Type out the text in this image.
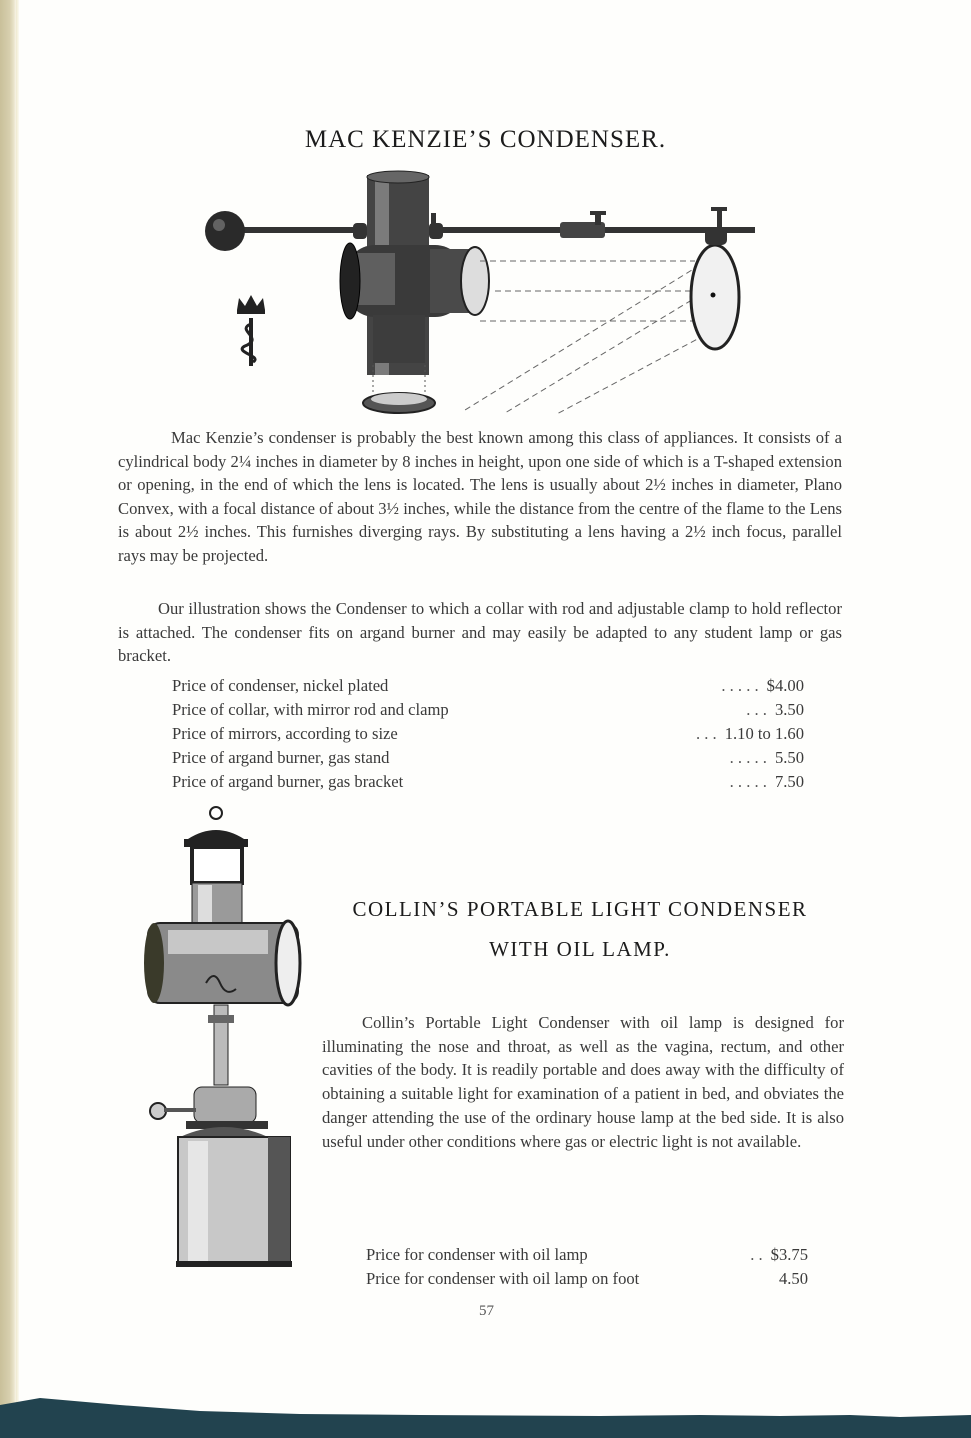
MAC KENZIE’S CONDENSER.
Mac Kenzie’s condenser is probably the best known among this class of appliances. It consists of a cylindrical body 2¼ inches in diameter by 8 inches in height, upon one side of which is a T-shaped extension or opening, in the end of which the lens is located. The lens is usually about 2½ inches in diameter, Plano Convex, with a focal distance of about 3½ inches, while the distance from the centre of the flame to the Lens is about 2½ inches. This furnishes diverging rays. By substituting a lens having a 2½ inch focus, parallel rays may be projected.
Our illustration shows the Condenser to which a collar with rod and adjustable clamp to hold reflector is attached. The condenser fits on argand burner and may easily be adapted to any student lamp or gas bracket.
Price of condenser, nickel plated	. . . . . $4.00
Price of collar, with mirror rod and clamp	. . . 3.50
Price of mirrors, according to size	. . . 1.10 to 1.60
Price of argand burner, gas stand	. . . . . 5.50
Price of argand burner, gas bracket	. . . . . 7.50
COLLIN’S PORTABLE LIGHT CONDENSER
WITH OIL LAMP.
Collin’s Portable Light Condenser with oil lamp is designed for illuminating the nose and throat, as well as the vagina, rectum, and other cavities of the body. It is readily portable and does away with the difficulty of obtaining a suitable light for examination of a patient in bed, and obviates the danger attending the use of the ordinary house lamp at the bed side. It is also useful under other conditions where gas or electric light is not available.
Price for condenser with oil lamp	. . $3.75
Price for condenser with oil lamp on foot	4.50
57
